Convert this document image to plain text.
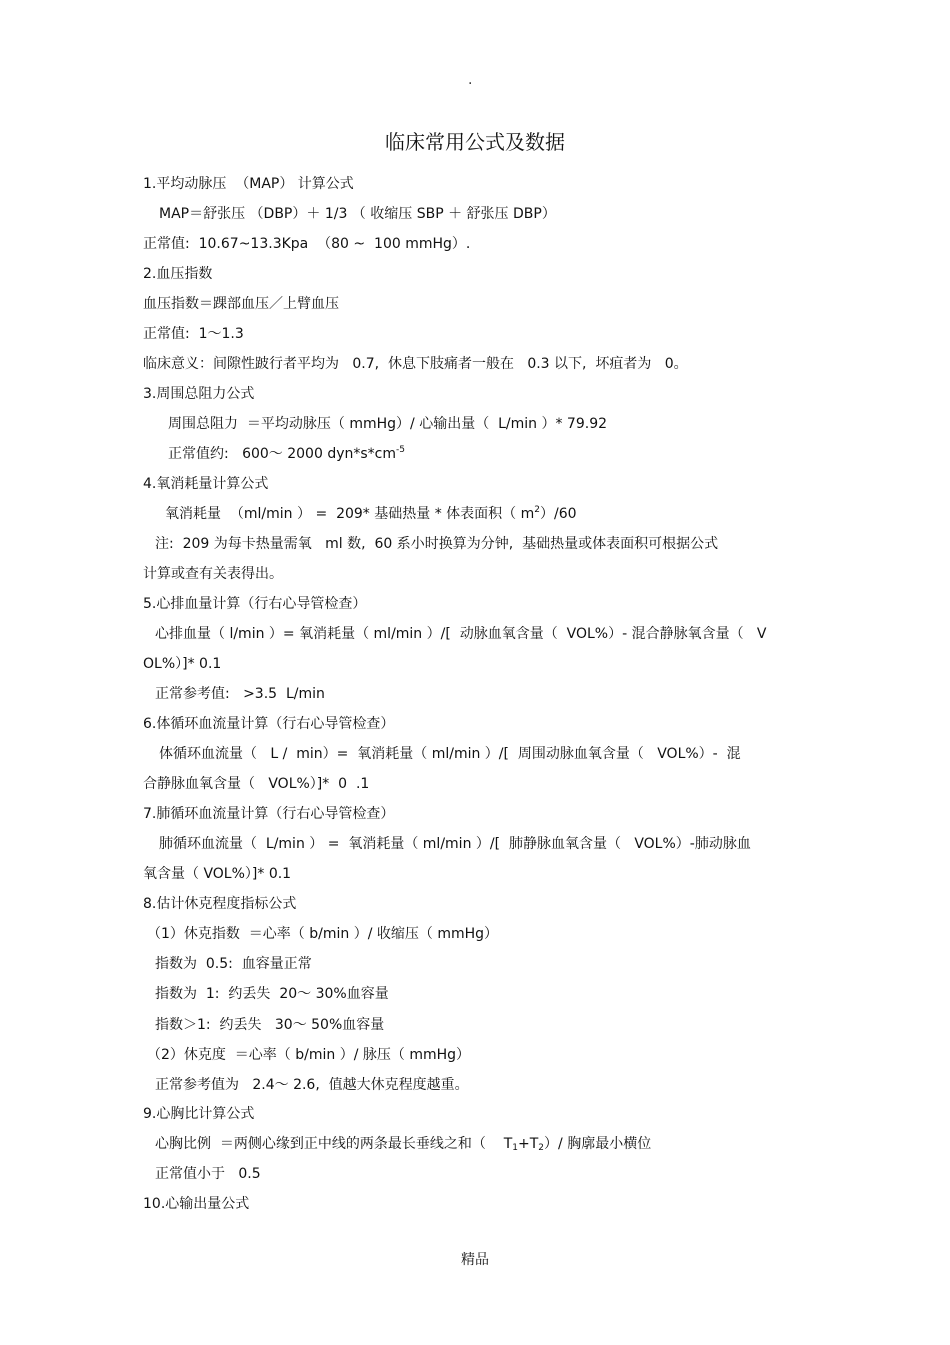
.
临床常用公式及数据
1.平均动脉压  （MAP） 计算公式
MAP＝舒张压 （DBP）＋ 1/3 （ 收缩压 SBP ＋ 舒张压 DBP）
正常值:  10.67~13.3Kpa  （80 ~  100 mmHg）.
2.血压指数
血压指数＝踝部血压／上臂血压
正常值:  1～1.3
临床意义：间隙性跛行者平均为   0.7,  休息下肢痛者一般在   0.3 以下,  坏疽者为   0。
3.周围总阻力公式
周围总阻力  ＝平均动脉压（ mmHg）/ 心输出量（  L/min ）* 79.92
正常值约:   600～ 2000 $dyn*s*cm^{-5}$
4.氧消耗量计算公式
氧消耗量  （ml/min ） =  209* 基础热量 * 体表面积（ $m^2)/60$
注:  209 为每卡热量需氧   ml 数,  60 系小时换算为分钟,  基础热量或体表面积可根据公式
计算或查有关表得出。
5.心排血量计算（行右心导管检查）
心排血量（ l/min ）= 氧消耗量（ ml/min ）/[  动脉血氧含量（  VOL%）- 混合静脉氧含量（   V
OL%）]* 0.1
正常参考值:   >3.5  L/min
6.体循环血流量计算（行右心导管检查）
体循环血流量（   L /  min）=  氧消耗量（ ml/min ）/[  周围动脉血氧含量（   VOL%）-  混
合静脉血氧含量（   VOL%）]*  0  .1
7.肺循环血流量计算（行右心导管检查）
肺循环血流量（  L/min ） =  氧消耗量（ ml/min ）/[  肺静脉血氧含量（   VOL%）-肺动脉血
氧含量（ VOL%）]* 0.1
8.估计休克程度指标公式
（1）休克指数  ＝心率（ b/min ）/ 收缩压（ mmHg）
指数为  0.5:  血容量正常
指数为  1:  约丢失  20～ 30%血容量
指数＞1:  约丢失   30～ 50%血容量
（2）休克度  ＝心率（ b/min ）/ 脉压（ mmHg）
正常参考值为   2.4～ 2.6,  值越大休克程度越重。
9.心胸比计算公式
心胸比例  ＝两侧心缘到正中线的两条最长垂线之和（    $T_1+T_2)/$ 胸廓最小横位
正常值小于   0.5
10.心输出量公式
精品
